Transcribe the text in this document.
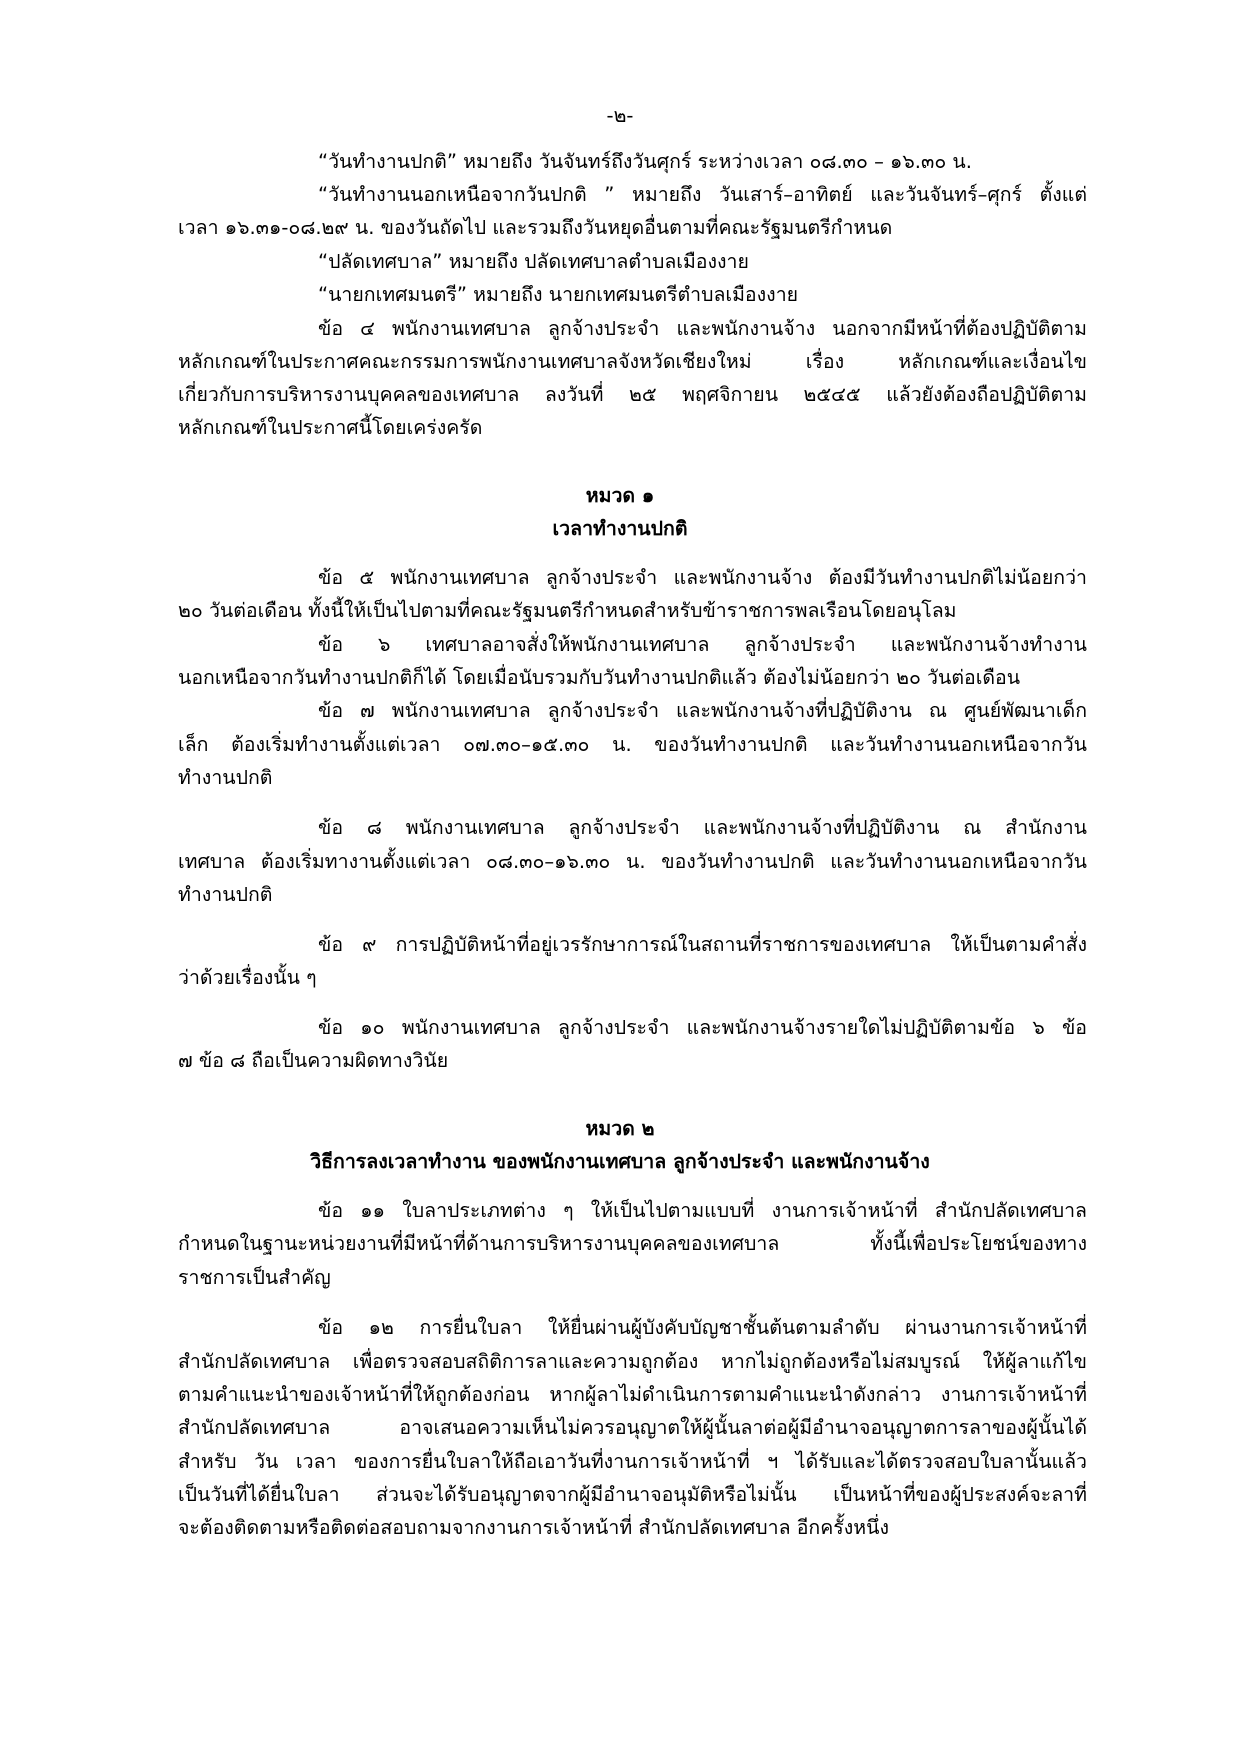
-๒-
“วันทำงานปกติ” หมายถึง วันจันทร์ถึงวันศุกร์ ระหว่างเวลา ๐๘.๓๐ – ๑๖.๓๐ น.
“วันทำงานนอกเหนือจากวันปกติ ” หมายถึง วันเสาร์–อาทิตย์ และวันจันทร์–ศุกร์ ตั้งแต่
เวลา ๑๖.๓๑-๐๘.๒๙ น. ของวันถัดไป และรวมถึงวันหยุดอื่นตามที่คณะรัฐมนตรีกำหนด
“ปลัดเทศบาล” หมายถึง ปลัดเทศบาลตำบลเมืองงาย
“นายกเทศมนตรี” หมายถึง นายกเทศมนตรีตำบลเมืองงาย
ข้อ ๔ พนักงานเทศบาล ลูกจ้างประจำ และพนักงานจ้าง นอกจากมีหน้าที่ต้องปฏิบัติตาม
หลักเกณฑ์ในประกาศคณะกรรมการพนักงานเทศบาลจังหวัดเชียงใหม่ เรื่อง หลักเกณฑ์และเงื่อนไข
เกี่ยวกับการบริหารงานบุคคลของเทศบาล ลงวันที่ ๒๕ พฤศจิกายน ๒๕๔๕ แล้วยังต้องถือปฏิบัติตาม
หลักเกณฑ์ในประกาศนี้โดยเคร่งครัด
หมวด ๑
เวลาทำงานปกติ
ข้อ ๕ พนักงานเทศบาล ลูกจ้างประจำ และพนักงานจ้าง ต้องมีวันทำงานปกติไม่น้อยกว่า
๒๐ วันต่อเดือน ทั้งนี้ให้เป็นไปตามที่คณะรัฐมนตรีกำหนดสำหรับข้าราชการพลเรือนโดยอนุโลม
ข้อ ๖ เทศบาลอาจสั่งให้พนักงานเทศบาล ลูกจ้างประจำ และพนักงานจ้างทำงาน
นอกเหนือจากวันทำงานปกติก็ได้ โดยเมื่อนับรวมกับวันทำงานปกติแล้ว ต้องไม่น้อยกว่า ๒๐ วันต่อเดือน
ข้อ ๗ พนักงานเทศบาล ลูกจ้างประจำ และพนักงานจ้างที่ปฏิบัติงาน ณ ศูนย์พัฒนาเด็ก
เล็ก ต้องเริ่มทำงานตั้งแต่เวลา ๐๗.๓๐–๑๕.๓๐ น. ของวันทำงานปกติ และวันทำงานนอกเหนือจากวัน
ทำงานปกติ
ข้อ ๘ พนักงานเทศบาล ลูกจ้างประจำ และพนักงานจ้างที่ปฏิบัติงาน ณ สำนักงาน
เทศบาล ต้องเริ่มทางานตั้งแต่เวลา ๐๘.๓๐–๑๖.๓๐ น. ของวันทำงานปกติ และวันทำงานนอกเหนือจากวัน
ทำงานปกติ
ข้อ ๙ การปฏิบัติหน้าที่อยู่เวรรักษาการณ์ในสถานที่ราชการของเทศบาล ให้เป็นตามคำสั่ง
ว่าด้วยเรื่องนั้น ๆ
ข้อ ๑๐ พนักงานเทศบาล ลูกจ้างประจำ และพนักงานจ้างรายใดไม่ปฏิบัติตามข้อ ๖ ข้อ
๗ ข้อ ๘ ถือเป็นความผิดทางวินัย
หมวด ๒
วิธีการลงเวลาทำงาน ของพนักงานเทศบาล ลูกจ้างประจำ และพนักงานจ้าง
ข้อ ๑๑ ใบลาประเภทต่าง ๆ ให้เป็นไปตามแบบที่ งานการเจ้าหน้าที่ สำนักปลัดเทศบาล
กำหนดในฐานะหน่วยงานที่มีหน้าที่ด้านการบริหารงานบุคคลของเทศบาล ทั้งนี้เพื่อประโยชน์ของทาง
ราชการเป็นสำคัญ
ข้อ ๑๒ การยื่นใบลา ให้ยื่นผ่านผู้บังคับบัญชาชั้นต้นตามลำดับ ผ่านงานการเจ้าหน้าที่
สำนักปลัดเทศบาล เพื่อตรวจสอบสถิติการลาและความถูกต้อง หากไม่ถูกต้องหรือไม่สมบูรณ์ ให้ผู้ลาแก้ไข
ตามคำแนะนำของเจ้าหน้าที่ให้ถูกต้องก่อน หากผู้ลาไม่ดำเนินการตามคำแนะนำดังกล่าว งานการเจ้าหน้าที่
สำนักปลัดเทศบาล อาจเสนอความเห็นไม่ควรอนุญาตให้ผู้นั้นลาต่อผู้มีอำนาจอนุญาตการลาของผู้นั้นได้
สำหรับ วัน เวลา ของการยื่นใบลาให้ถือเอาวันที่งานการเจ้าหน้าที่ ฯ ได้รับและได้ตรวจสอบใบลานั้นแล้ว
เป็นวันที่ได้ยื่นใบลา ส่วนจะได้รับอนุญาตจากผู้มีอำนาจอนุมัติหรือไม่นั้น เป็นหน้าที่ของผู้ประสงค์จะลาที่
จะต้องติดตามหรือติดต่อสอบถามจากงานการเจ้าหน้าที่ สำนักปลัดเทศบาล อีกครั้งหนึ่ง
